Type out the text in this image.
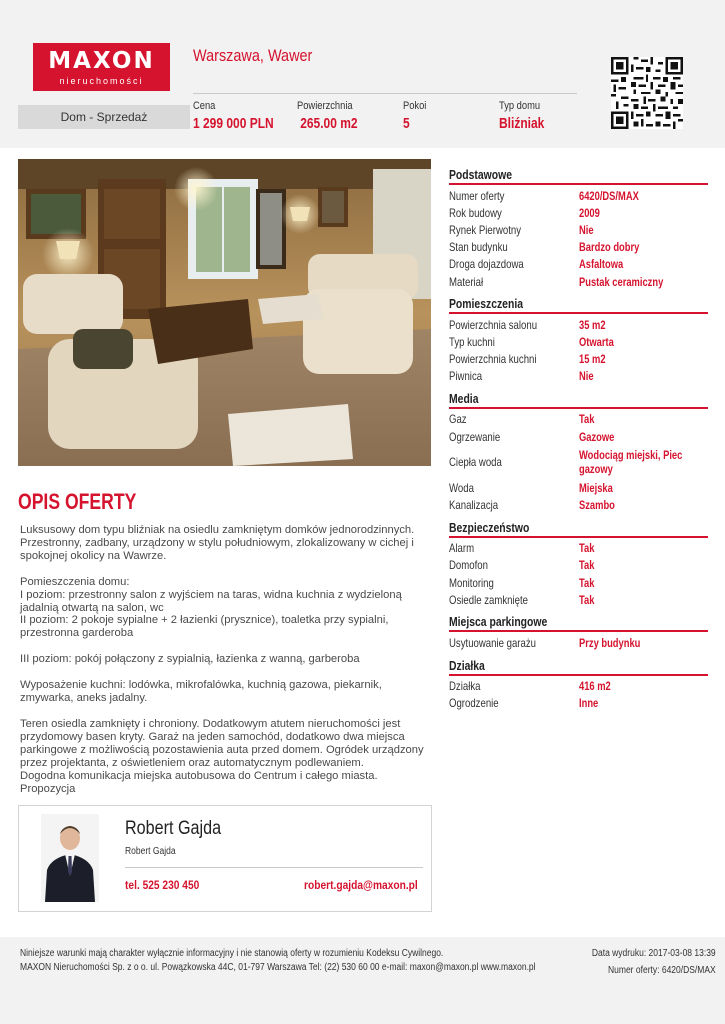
MAXON
nieruchomości
Warszawa, Wawer
Dom - Sprzedaż
Cena
1 299 000 PLN
Powierzchnia
265.00 m2
Pokoi
5
Typ domu
Bliźniak
OPIS OFERTY

Luksusowy dom typu bliźniak na osiedlu zamkniętym domków jednorodzinnych.
Przestronny, zadbany, urządzony w stylu południowym, zlokalizowany w cichej i
spokojnej okolicy na Wawrze.

Pomieszczenia domu:
I poziom: przestronny salon z wyjściem na taras, widna kuchnia z wydzieloną
jadalnią otwartą na salon, wc
II poziom: 2 pokoje sypialne + 2 łazienki (prysznice), toaletka przy sypialni,
przestronna garderoba

III poziom: pokój połączony z sypialnią, łazienka z wanną, garberoba

Wyposażenie kuchni: lodówka, mikrofalówka, kuchnią gazowa, piekarnik,
zmywarka, aneks jadalny.

Teren osiedla zamknięty i chroniony. Dodatkowym atutem nieruchomości jest
przydomowy basen kryty. Garaż na jeden samochód, dodatkowo dwa miejsca
parkingowe z możliwością pozostawienia auta przed domem. Ogródek urządzony
przez projektanta, z oświetleniem oraz automatycznym podlewaniem.
Dogodna komunikacja miejska autobusowa do Centrum i całego miasta. Propozycja

Robert Gajda
Robert Gajda
tel. 525 230 450	robert.gajda@maxon.pl
Podstawowe
Numer oferty	6420/DS/MAX
Rok budowy	2009
Rynek Pierwotny	Nie
Stan budynku	Bardzo dobry
Droga dojazdowa	Asfaltowa
Materiał	Pustak ceramiczny
Pomieszczenia
Powierzchnia salonu	35 m2
Typ kuchni	Otwarta
Powierzchnia kuchni	15 m2
Piwnica	Nie
Media
Gaz	Tak
Ogrzewanie	Gazowe
Ciepła woda	Wodociąg miejski, Piec
gazowy
Woda	Miejska
Kanalizacja	Szambo
Bezpieczeństwo
Alarm	Tak
Domofon	Tak
Monitoring	Tak
Osiedle zamknięte	Tak
Miejsca parkingowe
Usytuowanie garażu	Przy budynku
Działka
Działka	416 m2
Ogrodzenie	Inne
Niniejsze warunki mają charakter wyłącznie informacyjny i nie stanowią oferty w rozumieniu Kodeksu Cywilnego.
MAXON Nieruchomości Sp. z o o. ul. Powązkowska 44C, 01-797 Warszawa Tel: (22) 530 60 00 e-mail: maxon@maxon.pl www.maxon.pl
Data wydruku: 2017-03-08 13:39
Numer oferty: 6420/DS/MAX
